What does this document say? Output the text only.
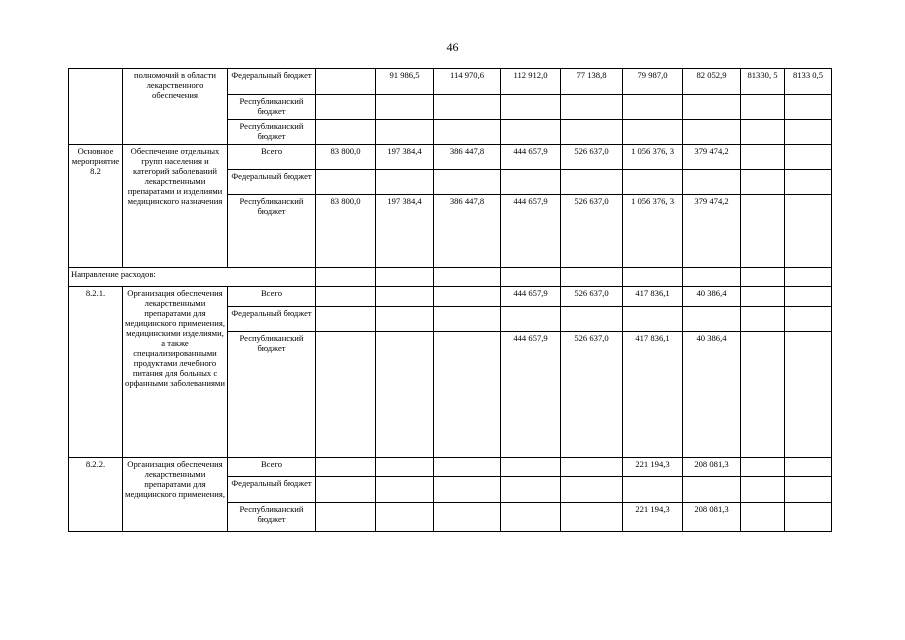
46
	полномочий в области лекарственного обеспечения	Федеральный бюджет		91 986,5	114 970,6	112 912,0	77 138,8	79 987,0	82 052,9	81330, 5	8133 0,5
		Республиканский бюджет									
		Республиканский бюджет									
Основное мероприятие 8.2	Обеспечение отдельных групп населения и категорий заболеваний лекарственными препаратами и изделиями медицинского назначения	Всего	83 800,0	197 384,4	386 447,8	444 657,9	526 637,0	1 056 376, 3	379 474,2		
		Федеральный бюджет									
		Республиканский бюджет	83 800,0	197 384,4	386 447,8	444 657,9	526 637,0	1 056 376, 3	379 474,2		
Направление расходов:											
8.2.1.	Организация обеспечения лекарственными препаратами для медицинского применения, медицинскими изделиями, а также специализированными продуктами лечебного питания для больных с орфанными заболеваниями	Всего				444 657,9	526 637,0	417 836,1	40 386,4		
		Федеральный бюджет									
		Республиканский бюджет				444 657,9	526 637,0	417 836,1	40 386,4		
8.2.2.	Организация обеспечения лекарственными препаратами для медицинского применения,	Всего						221 194,3	208 081,3		
		Федеральный бюджет									
		Республиканский бюджет						221 194,3	208 081,3		
